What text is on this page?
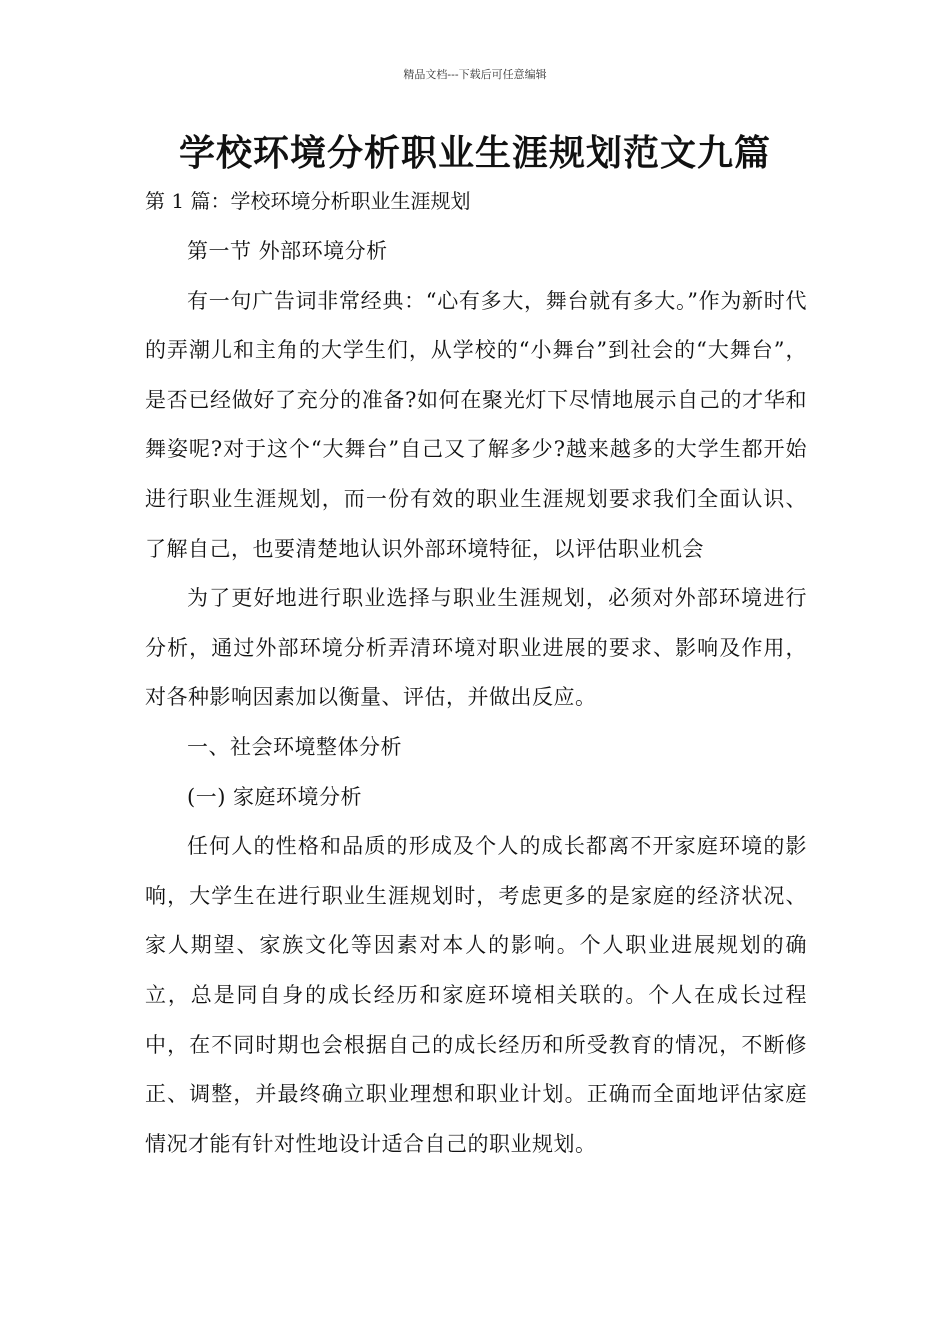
精品文档---下载后可任意编辑
学校环境分析职业生涯规划范文九篇
第 1 篇：学校环境分析职业生涯规划

第一节 外部环境分析

有一句广告词非常经典：“心有多大，舞台就有多大。”作为新时代的弄潮儿和主角的大学生们，从学校的“小舞台”到社会的“大舞台”，是否已经做好了充分的准备?如何在聚光灯下尽情地展示自己的才华和舞姿呢?对于这个“大舞台”自己又了解多少?越来越多的大学生都开始进行职业生涯规划，而一份有效的职业生涯规划要求我们全面认识、了解自己，也要清楚地认识外部环境特征，以评估职业机会

为了更好地进行职业选择与职业生涯规划，必须对外部环境进行分析，通过外部环境分析弄清环境对职业进展的要求、影响及作用，对各种影响因素加以衡量、评估，并做出反应。

一、社会环境整体分析

(一) 家庭环境分析

任何人的性格和品质的形成及个人的成长都离不开家庭环境的影响，大学生在进行职业生涯规划时，考虑更多的是家庭的经济状况、家人期望、家族文化等因素对本人的影响。个人职业进展规划的确立，总是同自身的成长经历和家庭环境相关联的。个人在成长过程中，在不同时期也会根据自己的成长经历和所受教育的情况，不断修正、调整，并最终确立职业理想和职业计划。正确而全面地评估家庭情况才能有针对性地设计适合自己的职业规划。
